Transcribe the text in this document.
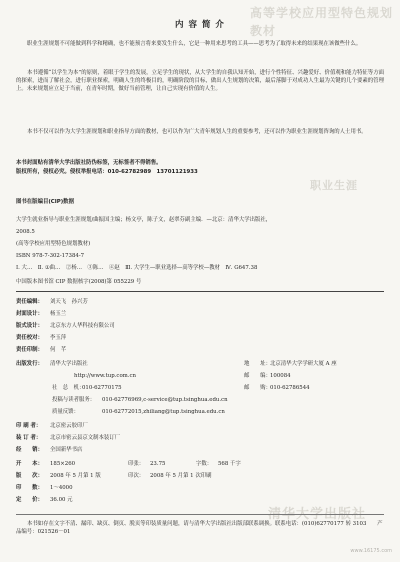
高等学校应用型特色规划教材
职业生涯
清华大学出版社
内 容 简 介
职业生涯规划不可能做到科学和精确，也不能预言将来要发生什么，它是一种用来思考的工具——思考为了取得未来的结果现在该做些什么。
本书遵循“以学生为本”的原则，着眼于学生的发展，立足学生的现状，从大学生的自我认知开始，进行个性特征、兴趣爱好、价值观和能力特征等方面的探索，进而了解社会，进行职业探索，明确人生的终极目的，明确阶段的目标，做出人生规划的决策，最后落脚于对成功人生最为关键的几个要素的管理上。未来规划应立足于当前，在青年时期，做好当前管理，让自己实现有价值的人生。
本书不仅可以作为大学生涯规划和职业指导方面的教材，也可以作为广大青年规划人生的重要参考，还可以作为职业生涯规划咨询的人士用书。
本书封面贴有清华大学出版社防伪标签，无标签者不得销售。
版权所有，侵权必究。侵权举报电话：010-62782989　13701121933
图书在版编目(CIP)数据
大学生就业指导与职业生涯规划/曲振国主编；杨文亭，陈子文，赵翠芬副主编．—北京：清华大学出版社，
2008.5
(高等学校应用型特色规划教材)
ISBN 978-7-302-17384-7
Ⅰ. 大…　Ⅱ. ①曲…　②杨…　③陈…　④赵　Ⅲ. 大学生—职业选择—高等学校—教材　Ⅳ. G647.38
中国版本图书馆 CIP 数据核字(2008)第 055229 号
责任编辑： 刘天飞　孙兴芳
封面设计： 杨玉兰
版式设计： 北京东方人华科技有限公司
责任校对： 李玉萍
责任印制： 何　芊
出版发行： 清华大学出版社	地　　址：北京清华大学学研大厦 A 座
http://www.tup.com.cn	邮　　编：100084
社　总　机：010-62770175	邮　　购：010-62786544
投稿与读者服务： 010-62776969,c-service@tup.tsinghua.edu.cn
质量反馈：	010-62772015,zhiliang@tup.tsinghua.edu.cn
印 刷 者： 北京密云胶印厂
装 订 者： 北京市密云县京文制本装订厂
经　　销： 全国新华书店
开　　本： 185×260	印张： 23.75	字数： 568 千字
版　　次： 2008 年 5 月第 1 版	印次： 2008 年 5 月第 1 次印刷
印　　数： 1～4000
定　　价： 36.00 元
本书如存在文字不清、漏印、缺页、倒页、脱页等印装质量问题，请与清华大学出版社出版部联系调换。联系电话：(010)62770177 转 3103　　产品编号：021526－01
www.16175.com
